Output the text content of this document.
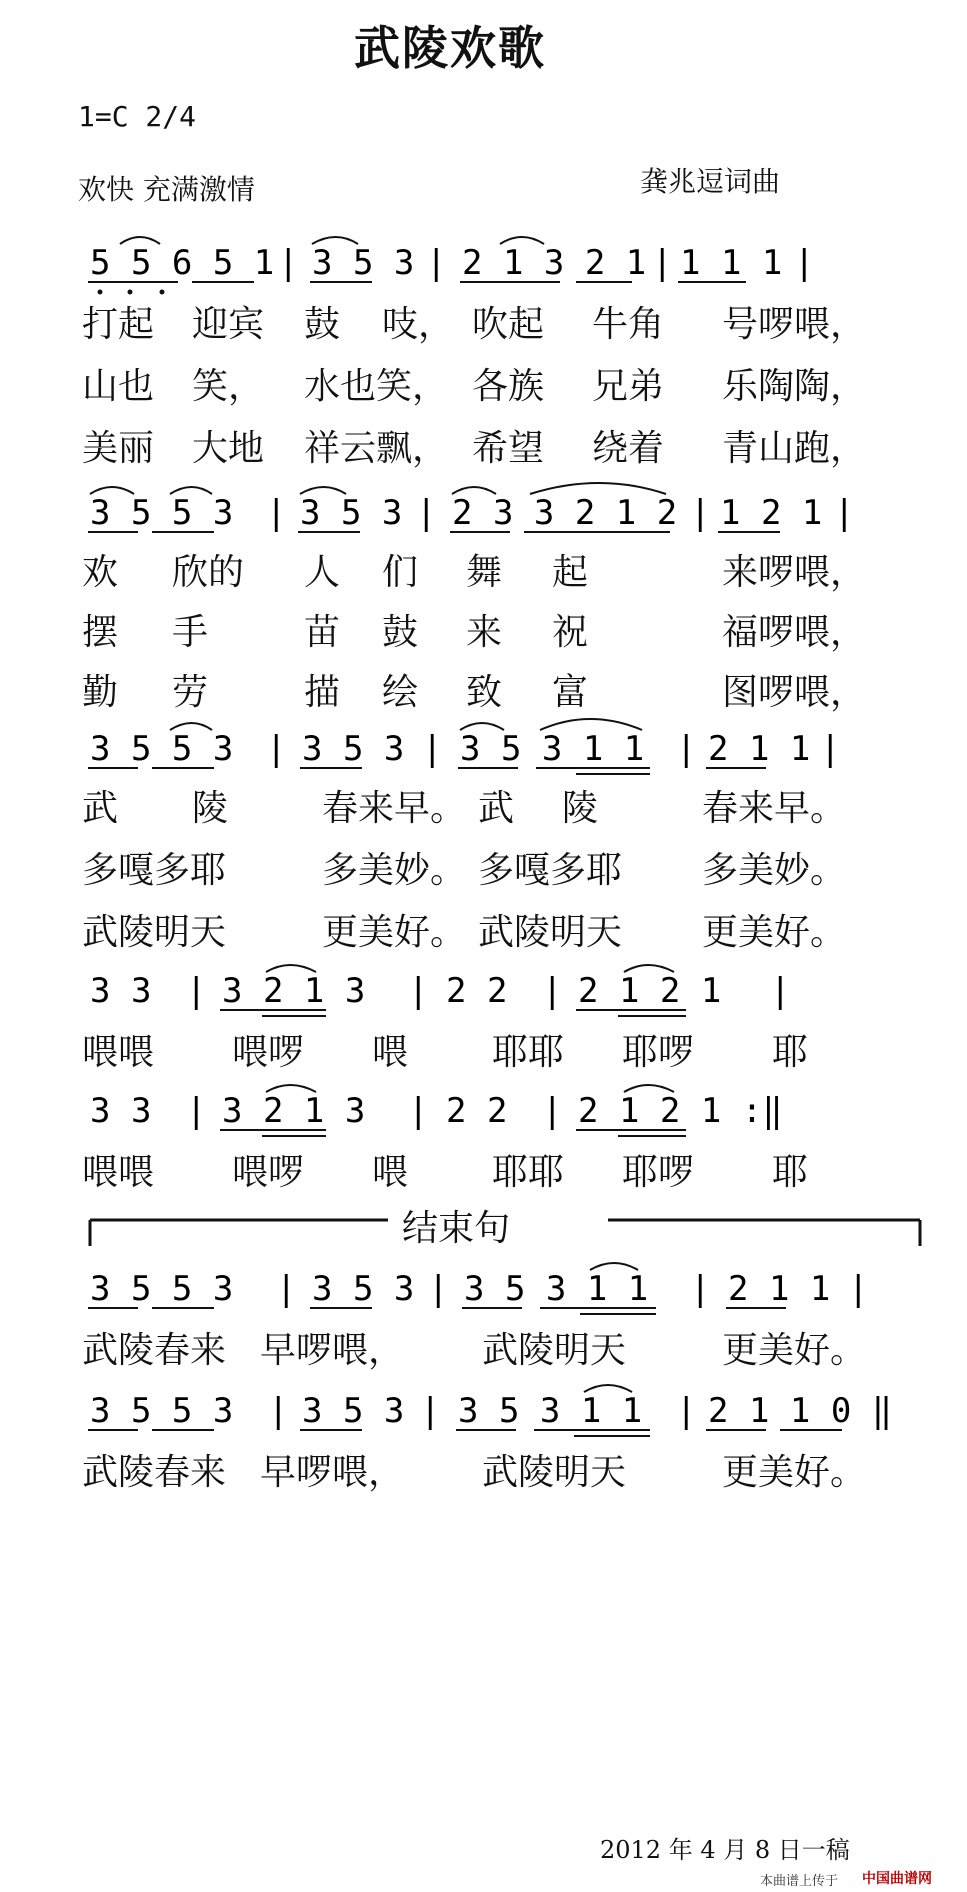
武陵欢歌
1=C 2/4
欢快 充满激情	龚兆逗词曲
5 5 6 5 1 | 3 5 3 | 2 1 3 2 1 | 1 1 1 |
打起 迎宾 鼓 吱， 吹起 牛角 号啰喂，
山也 笑， 水也笑， 各族 兄弟 乐陶陶，
美丽 大地 祥云飘， 希望 绕着 青山跑，
3 5 5 3 | 3 5 3 | 2 3 3 2 1 2 | 1 2 1 |
欢 欣的 人 们 舞 起	来啰喂，
摆 手	苗 鼓 来 祝	福啰喂，
勤 劳	描 绘 致 富	图啰喂，
3 5 5 3 | 3 5 3 | 3 5 3 1 1 | 2 1 1 |
武 陵	春来早。 武 陵	春来早。
多嘎多耶	多美妙。 多嘎多耶 多美妙。
武陵明天	更美好。 武陵明天 更美好。
3 3 | 3 2 1 3 | 2 2 | 2 1 2 1 |
喂喂 喂啰 喂 耶耶 耶啰 耶
3 3 | 3 2 1 3 | 2 2 | 2 1 2 1 :‖
喂喂 喂啰 喂 耶耶 耶啰 耶
结束句
3 5 5 3 | 3 5 3 | 3 5 3 1 1 | 2 1 1 |
武陵春来 早啰喂， 武陵明天	更美好。
3 5 5 3 | 3 5 3 | 3 5 3 1 1 | 2 1 1 0 ‖
武陵春来 早啰喂， 武陵明天	更美好。
2012 年 4 月 8 日一稿
本曲谱上传于 中国曲谱网
